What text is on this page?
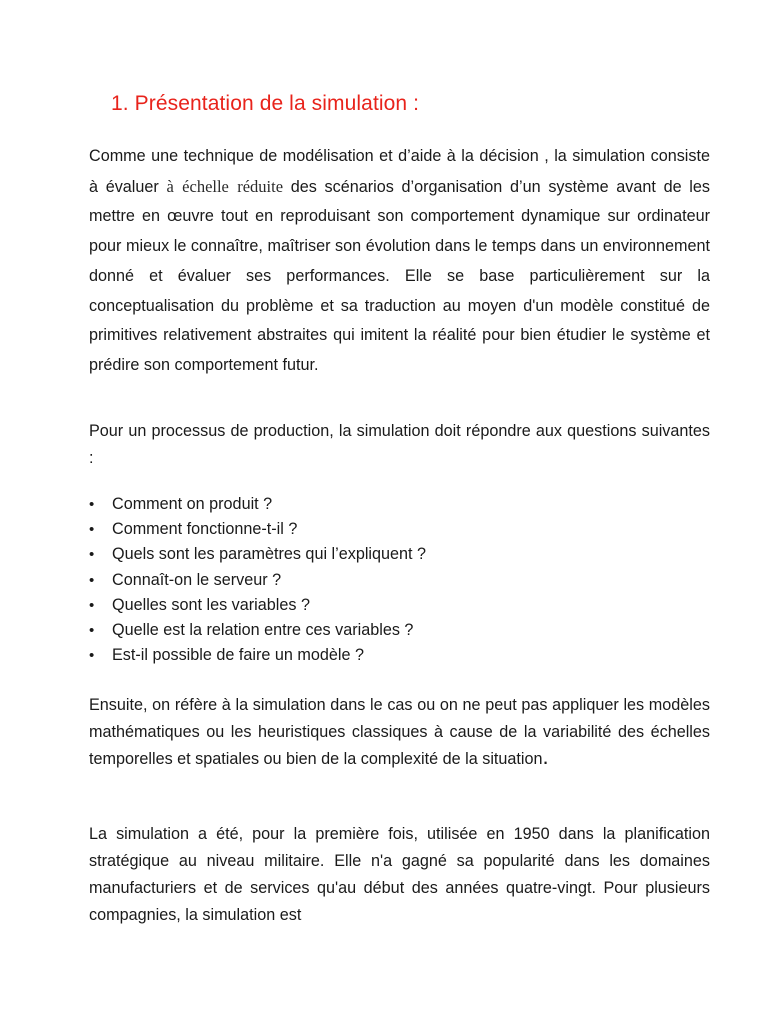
1. Présentation de la simulation :

Comme une technique de modélisation et d’aide à la décision , la simulation consiste à évaluer à échelle réduite des scénarios d’organisation d’un système avant de les mettre en œuvre tout en reproduisant son comportement dynamique sur ordinateur pour mieux le connaître, maîtriser son évolution dans le temps dans un environnement donné et évaluer ses performances. Elle se base particulièrement sur la conceptualisation du problème et sa traduction au moyen d'un modèle constitué de primitives relativement abstraites qui imitent la réalité pour bien étudier le système et prédire son comportement futur.

Pour un processus de production, la simulation doit répondre aux questions suivantes :

• Comment on produit ?
• Comment fonctionne-t-il ?
• Quels sont les paramètres qui l’expliquent ?
• Connaît-on le serveur ?
• Quelles sont les variables ?
• Quelle est la relation entre ces variables ?
• Est-il possible de faire un modèle ?

Ensuite, on réfère à la simulation dans le cas ou on ne peut pas appliquer les modèles mathématiques ou les heuristiques classiques à cause de la variabilité des échelles temporelles et spatiales ou bien de la complexité de la situation.

La simulation a été, pour la première fois, utilisée en 1950 dans la planification stratégique au niveau militaire. Elle n'a gagné sa popularité dans les domaines manufacturiers et de services qu'au début des années quatre-vingt. Pour plusieurs compagnies, la simulation est
